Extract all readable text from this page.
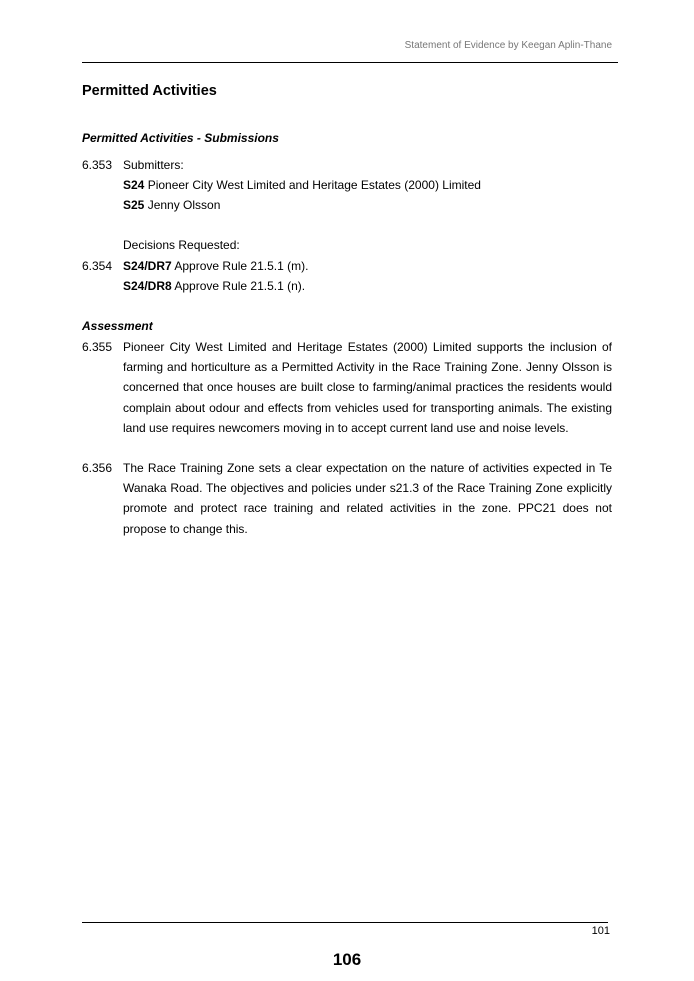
Statement of Evidence by Keegan Aplin-Thane
Permitted Activities
Permitted Activities - Submissions
6.353 Submitters:
S24 Pioneer City West Limited and Heritage Estates (2000) Limited
S25 Jenny Olsson
Decisions Requested:
6.354 S24/DR7 Approve Rule 21.5.1 (m).
S24/DR8 Approve Rule 21.5.1 (n).
Assessment
6.355 Pioneer City West Limited and Heritage Estates (2000) Limited supports the inclusion of farming and horticulture as a Permitted Activity in the Race Training Zone. Jenny Olsson is concerned that once houses are built close to farming/animal practices the residents would complain about odour and effects from vehicles used for transporting animals. The existing land use requires newcomers moving in to accept current land use and noise levels.
6.356 The Race Training Zone sets a clear expectation on the nature of activities expected in Te Wanaka Road. The objectives and policies under s21.3 of the Race Training Zone explicitly promote and protect race training and related activities in the zone. PPC21 does not propose to change this.
101
106
